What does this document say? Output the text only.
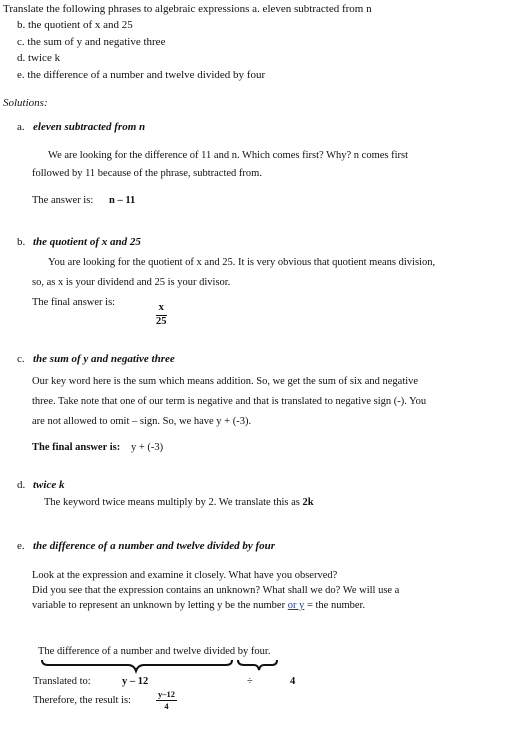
Translate the following phrases to algebraic expressions a. eleven subtracted from n
b. the quotient of x and 25
c. the sum of y and negative three
d. twice k
e. the difference of a number and twelve divided by four
Solutions:
a. eleven subtracted from n
We are looking for the difference of 11 and n. Which comes first? Why? n comes first
followed by 11 because of the phrase, subtracted from.
The answer is: n – 11
b. the quotient of x and 25
You are looking for the quotient of x and 25. It is very obvious that quotient means division,
so, as x is your dividend and 25 is your divisor.
The final answer is:
$\frac{x}{25}$
c. the sum of y and negative three
Our key word here is the sum which means addition. So, we get the sum of six and negative
three. Take note that one of our term is negative and that is translated to negative sign (-). You
are not allowed to omit – sign. So, we have y + (-3).
The final answer is: y + (-3)
d. twice k
The keyword twice means multiply by 2. We translate this as 2k
e. the difference of a number and twelve divided by four
Look at the expression and examine it closely. What have you observed?
Did you see that the expression contains an unknown? What shall we do? We will use a
variable to represent an unknown by letting y be the number or y = the number.
The difference of a number and twelve divided by four.
Translated to:	y – 12	÷	4
Therefore, the result is:	$\frac{y-12}{4}$
